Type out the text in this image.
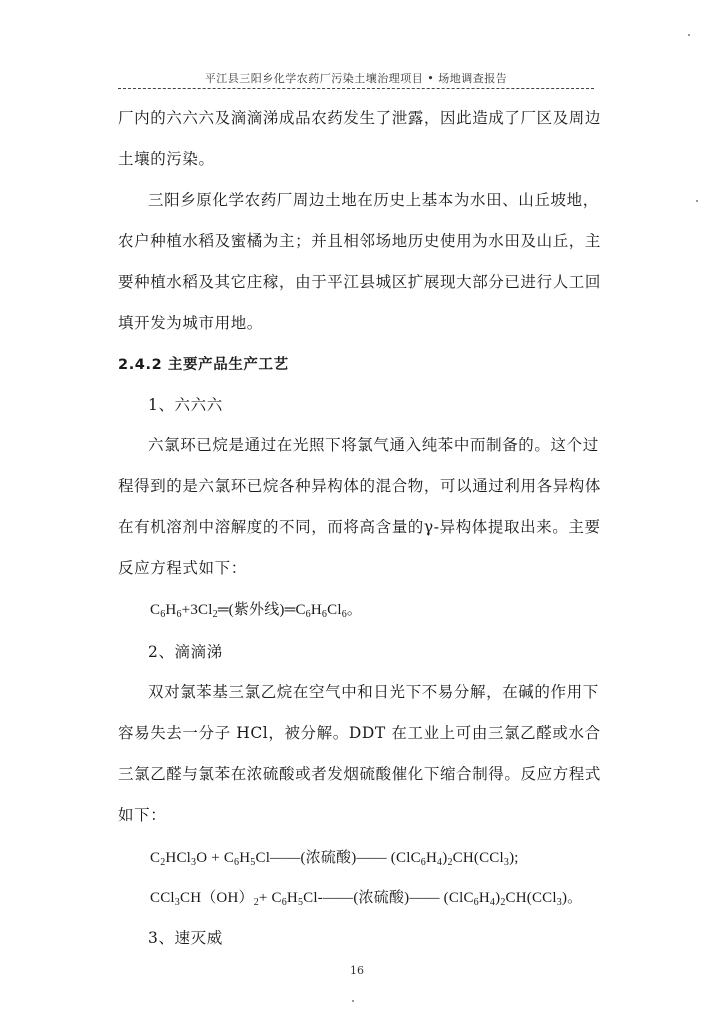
平江县三阳乡化学农药厂污染土壤治理项目 • 场地调查报告
厂内的六六六及滴滴涕成品农药发生了泄露，因此造成了厂区及周边
土壤的污染。
三阳乡原化学农药厂周边土地在历史上基本为水田、山丘坡地，
农户种植水稻及蜜橘为主；并且相邻场地历史使用为水田及山丘，主
要种植水稻及其它庄稼，由于平江县城区扩展现大部分已进行人工回
填开发为城市用地。
2.4.2 主要产品生产工艺
1、六六六
六氯环已烷是通过在光照下将氯气通入纯苯中而制备的。这个过
程得到的是六氯环已烷各种异构体的混合物，可以通过利用各异构体
在有机溶剂中溶解度的不同，而将高含量的γ-异构体提取出来。主要
反应方程式如下：
$C_6H_6+3Cl_2═$(紫外线)$═C_6H_6Cl_6$。
2、滴滴涕
双对氯苯基三氯乙烷在空气中和日光下不易分解，在碱的作用下
容易失去一分子 HCl，被分解。DDT 在工业上可由三氯乙醛或水合
三氯乙醛与氯苯在浓硫酸或者发烟硫酸催化下缩合制得。反应方程式
如下：
$C_2HCl_3O$ + $C_6H_5Cl——$(浓硫酸)—— $(ClC_6H_4)_2CH(CCl_3)$;
$CCl_3CH(OH)_2+$ $C_6H_5Cl-——$(浓硫酸)—— $(ClC_6H_4)_2CH(CCl_3)$。
3、速灭威
16
